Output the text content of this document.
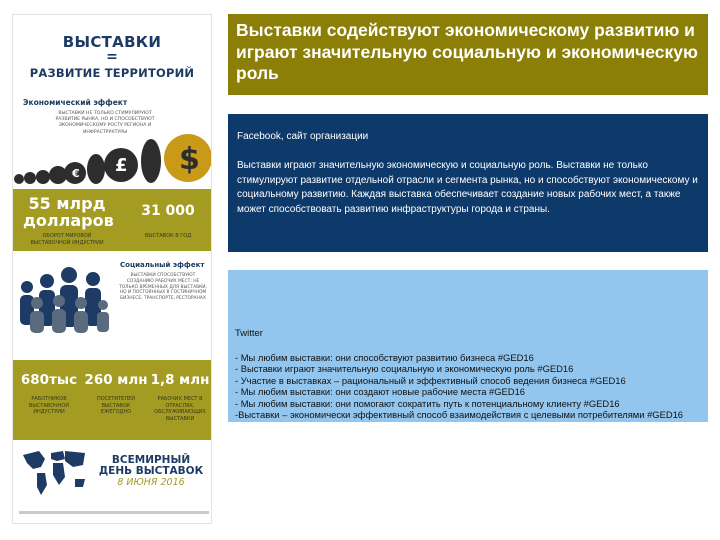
ВЫСТАВКИ
=
РАЗВИТИЕ ТЕРРИТОРИЙ
Экономический эффект
ВЫСТАВКИ НЕ ТОЛЬКО СТИМУЛИРУЮТ РАЗВИТИЕ РЫНКА, НО И СПОСОБСТВУЮТ ЭКОНОМИЧЕСКОМУ РОСТУ РЕГИОНА И ИНФРАСТРУКТУРЫ
€ £ $
55 млрд долларов
ОБОРОТ МИРОВОЙ ВЫСТАВОЧНОЙ ИНДУСТРИИ
31 000
ВЫСТАВОК В ГОД
Социальный эффект
ВЫСТАВКИ СПОСОБСТВУЮТ СОЗДАНИЮ РАБОЧИХ МЕСТ: НЕ ТОЛЬКО ВРЕМЕННЫХ ДЛЯ ВЫСТАВКИ, НО И ПОСТОЯННЫХ В ГОСТИНИЧНОМ БИЗНЕСЕ, ТРАНСПОРТЕ, РЕСТОРАНАХ
680тыс
РАБОТНИКОВ ВЫСТАВОЧНОЙ ИНДУСТРИИ
260 млн
ПОСЕТИТЕЛЕЙ ВЫСТАВОК ЕЖЕГОДНО
1,8 млн
РАБОЧИХ МЕСТ В ОТРАСЛЯХ, ОБСЛУЖИВАЮЩИХ ВЫСТАВКИ
ВСЕМИРНЫЙ
ДЕНЬ ВЫСТАВОК
8 ИЮНЯ 2016
Выставки содействуют экономическому развитию и играют значительную социальную и экономическую роль
Facebook, сайт организации
Выставки играют значительную экономическую и социальную роль. Выставки не только стимулируют развитие отдельной отрасли и сегмента рынка, но и способствуют экономическому и социальному развитию. Каждая выставка обеспечивает создание новых рабочих мест, а также может способствовать развитию инфраструктуры города и страны.
Twitter
- Мы любим выставки: они способствуют развитию бизнеса #GED16
- Выставки играют значительную социальную и экономическую роль #GED16
- Участие в выставках – рациональный и эффективный способ ведения бизнеса #GED16
- Мы любим выставки: они создают новые рабочие места #GED16
- Мы любим выставки: они помогают сократить путь к потенциальному клиенту #GED16
-Выставки – экономически эффективный способ взаимодействия с целевыми потребителями #GED16
